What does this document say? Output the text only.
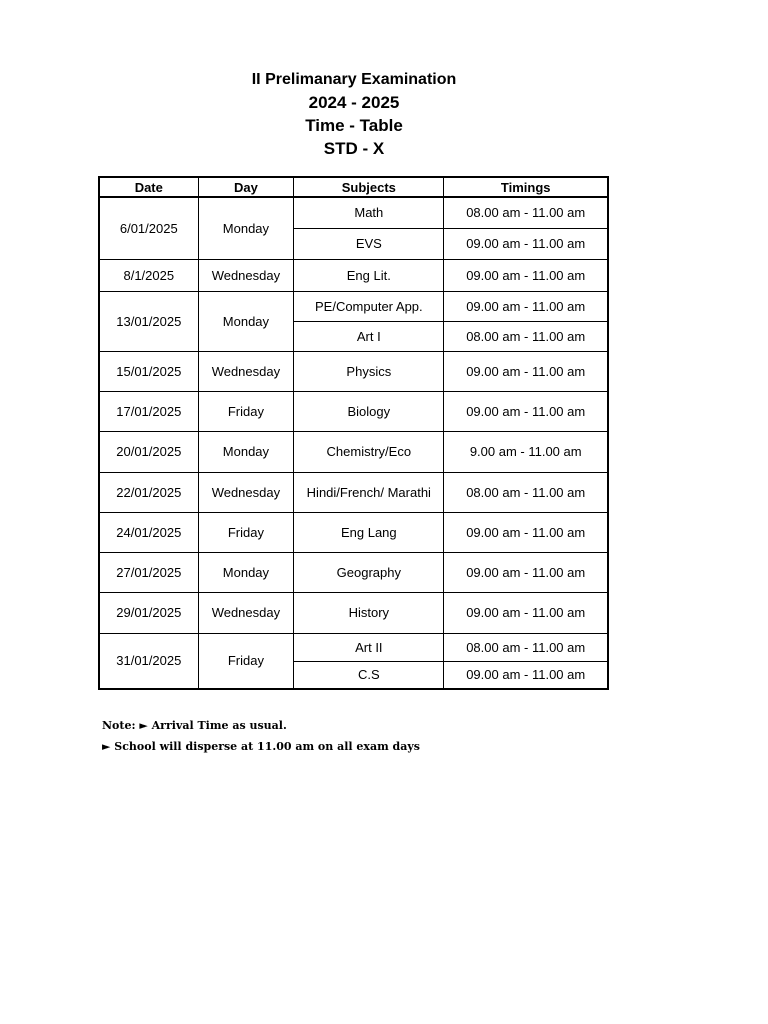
II Prelimanary Examination
2024 - 2025
Time - Table
STD - X
Date	Day	Subjects	Timings
6/01/2025	Monday	Math	08.00 am - 11.00 am
		EVS	09.00 am - 11.00 am
8/1/2025	Wednesday	Eng Lit.	09.00 am - 11.00 am
13/01/2025	Monday	PE/Computer App.	09.00 am - 11.00 am
		Art I	08.00 am - 11.00 am
15/01/2025	Wednesday	Physics	09.00 am - 11.00 am
17/01/2025	Friday	Biology	09.00 am - 11.00 am
20/01/2025	Monday	Chemistry/Eco	9.00 am - 11.00 am
22/01/2025	Wednesday	Hindi/French/ Marathi	08.00 am - 11.00 am
24/01/2025	Friday	Eng Lang	09.00 am - 11.00 am
27/01/2025	Monday	Geography	09.00 am - 11.00 am
29/01/2025	Wednesday	History	09.00 am - 11.00 am
31/01/2025	Friday	Art II	08.00 am - 11.00 am
		C.S	09.00 am - 11.00 am
Note: ► Arrival Time as usual.
► School will disperse at 11.00 am on all exam days
